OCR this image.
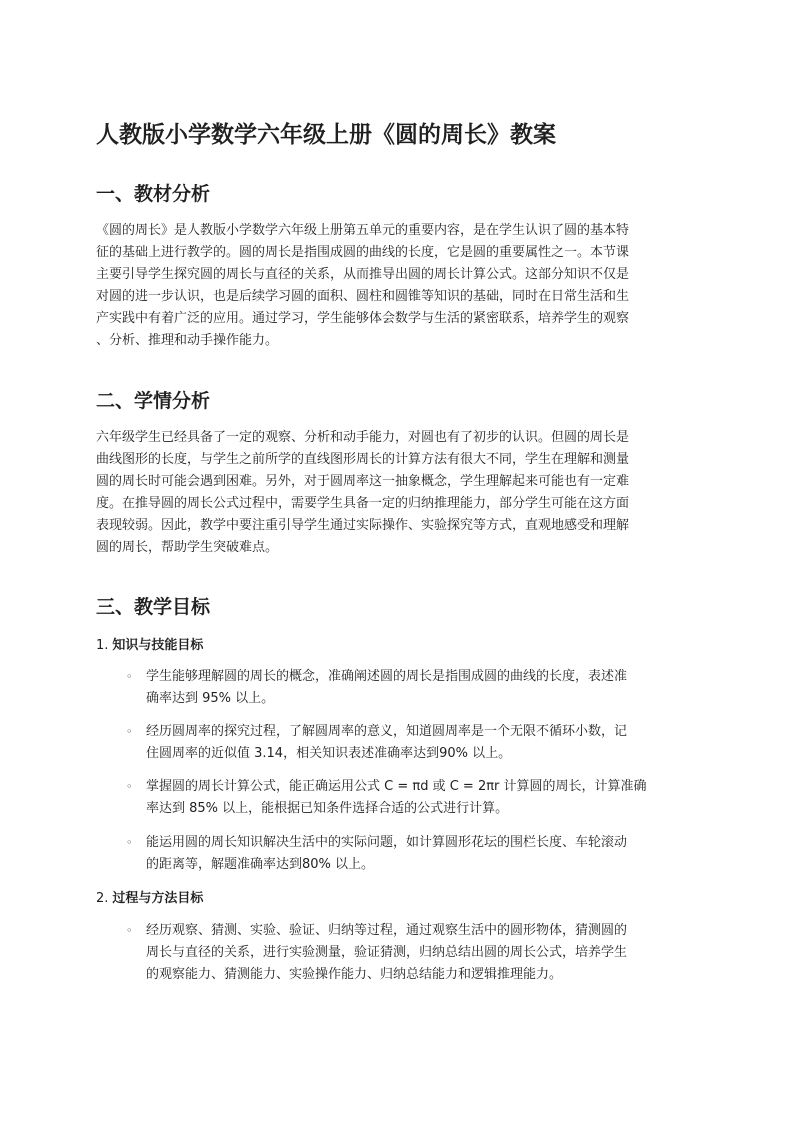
人教版小学数学六年级上册《圆的周长》教案
一、教材分析
《圆的周长》是人教版小学数学六年级上册第五单元的重要内容，是在学生认识了圆的基本特
征的基础上进行教学的。圆的周长是指围成圆的曲线的长度，它是圆的重要属性之一。本节课
主要引导学生探究圆的周长与直径的关系，从而推导出圆的周长计算公式。这部分知识不仅是
对圆的进一步认识，也是后续学习圆的面积、圆柱和圆锥等知识的基础，同时在日常生活和生
产实践中有着广泛的应用。通过学习，学生能够体会数学与生活的紧密联系，培养学生的观察
、分析、推理和动手操作能力。
二、学情分析
六年级学生已经具备了一定的观察、分析和动手能力，对圆也有了初步的认识。但圆的周长是
曲线图形的长度，与学生之前所学的直线图形周长的计算方法有很大不同，学生在理解和测量
圆的周长时可能会遇到困难。另外，对于圆周率这一抽象概念，学生理解起来可能也有一定难
度。在推导圆的周长公式过程中，需要学生具备一定的归纳推理能力，部分学生可能在这方面
表现较弱。因此，教学中要注重引导学生通过实际操作、实验探究等方式，直观地感受和理解
圆的周长，帮助学生突破难点。
三、教学目标
1. 知识与技能目标
◦ 学生能够理解圆的周长的概念，准确阐述圆的周长是指围成圆的曲线的长度，表述准
确率达到 95% 以上。
◦ 经历圆周率的探究过程，了解圆周率的意义，知道圆周率是一个无限不循环小数，记
住圆周率的近似值 3.14，相关知识表述准确率达到90% 以上。
◦ 掌握圆的周长计算公式，能正确运用公式 C = πd 或 C = 2πr 计算圆的周长，计算准确
率达到 85% 以上，能根据已知条件选择合适的公式进行计算。
◦ 能运用圆的周长知识解决生活中的实际问题，如计算圆形花坛的围栏长度、车轮滚动
的距离等，解题准确率达到80% 以上。
2. 过程与方法目标
◦ 经历观察、猜测、实验、验证、归纳等过程，通过观察生活中的圆形物体，猜测圆的
周长与直径的关系，进行实验测量，验证猜测，归纳总结出圆的周长公式，培养学生
的观察能力、猜测能力、实验操作能力、归纳总结能力和逻辑推理能力。
